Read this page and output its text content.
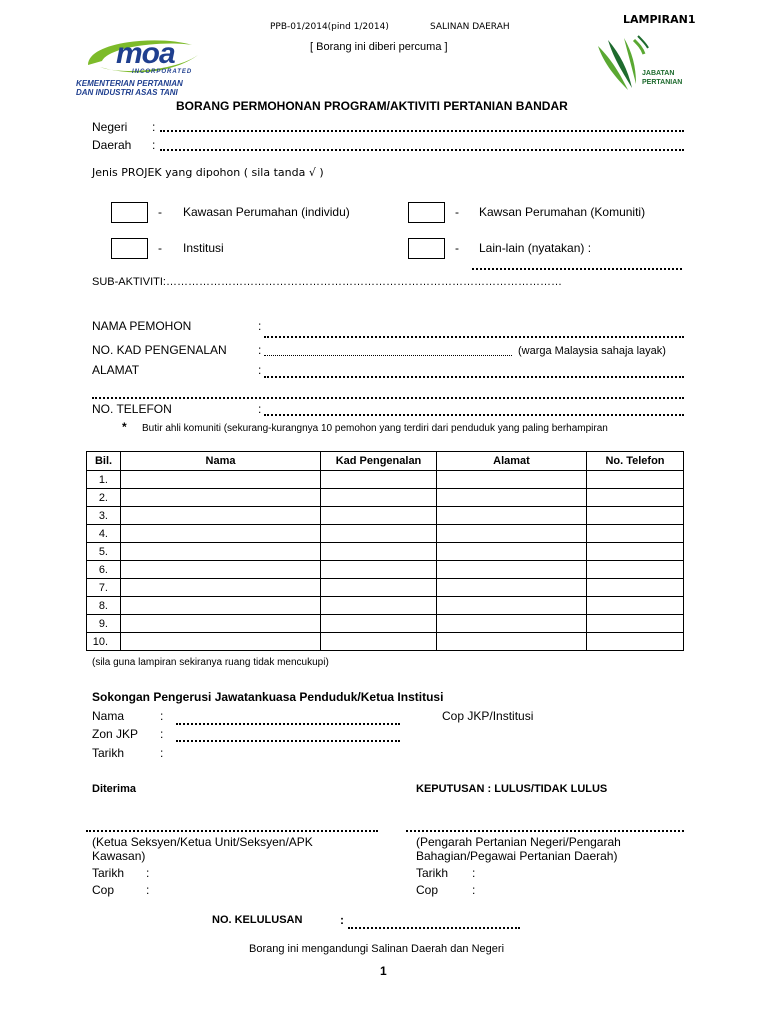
PPB-01/2014(pind 1/2014)	SALINAN DAERAH
LAMPIRAN1
[ Borang ini diberi percuma ]
moa
INCORPORATED
KEMENTERIAN PERTANIAN
DAN INDUSTRI ASAS TANI
JABATAN
PERTANIAN
BORANG PERMOHONAN PROGRAM/AKTIVITI PERTANIAN BANDAR
Negeri :
Daerah :
Jenis PROJEK yang dipohon ( sila tanda √ )
- Kawasan Perumahan (individu)	- Kawsan Perumahan (Komuniti)
- Institusi	- Lain-lain (nyatakan) :
SUB-AKTIVITI:………………………………………………………………………………………………
NAMA PEMOHON	:
NO. KAD PENGENALAN	:	(warga Malaysia sahaja layak)
ALAMAT	:
NO. TELEFON	:
* Butir ahli komuniti (sekurang-kurangnya 10 pemohon yang terdiri dari penduduk yang paling berhampiran
Bil.	Nama	Kad Pengenalan	Alamat	No. Telefon
1.				
2.				
3.				
4.				
5.				
6.				
7.				
8.				
9.				
10.				
(sila guna lampiran sekiranya ruang tidak mencukupi)
Sokongan Pengerusi Jawatankuasa Penduduk/Ketua Institusi
Nama	:	Cop JKP/Institusi
Zon JKP :
Tarikh	:
Diterima	KEPUTUSAN : LULUS/TIDAK LULUS
(Ketua Seksyen/Ketua Unit/Seksyen/APK Kawasan)
(Pengarah Pertanian Negeri/Pengarah Bahagian/Pegawai Pertanian Daerah)
Tarikh :	Tarikh :
Cop	:	Cop	:
NO. KELULUSAN	:
Borang ini mengandungi Salinan Daerah dan Negeri
1
